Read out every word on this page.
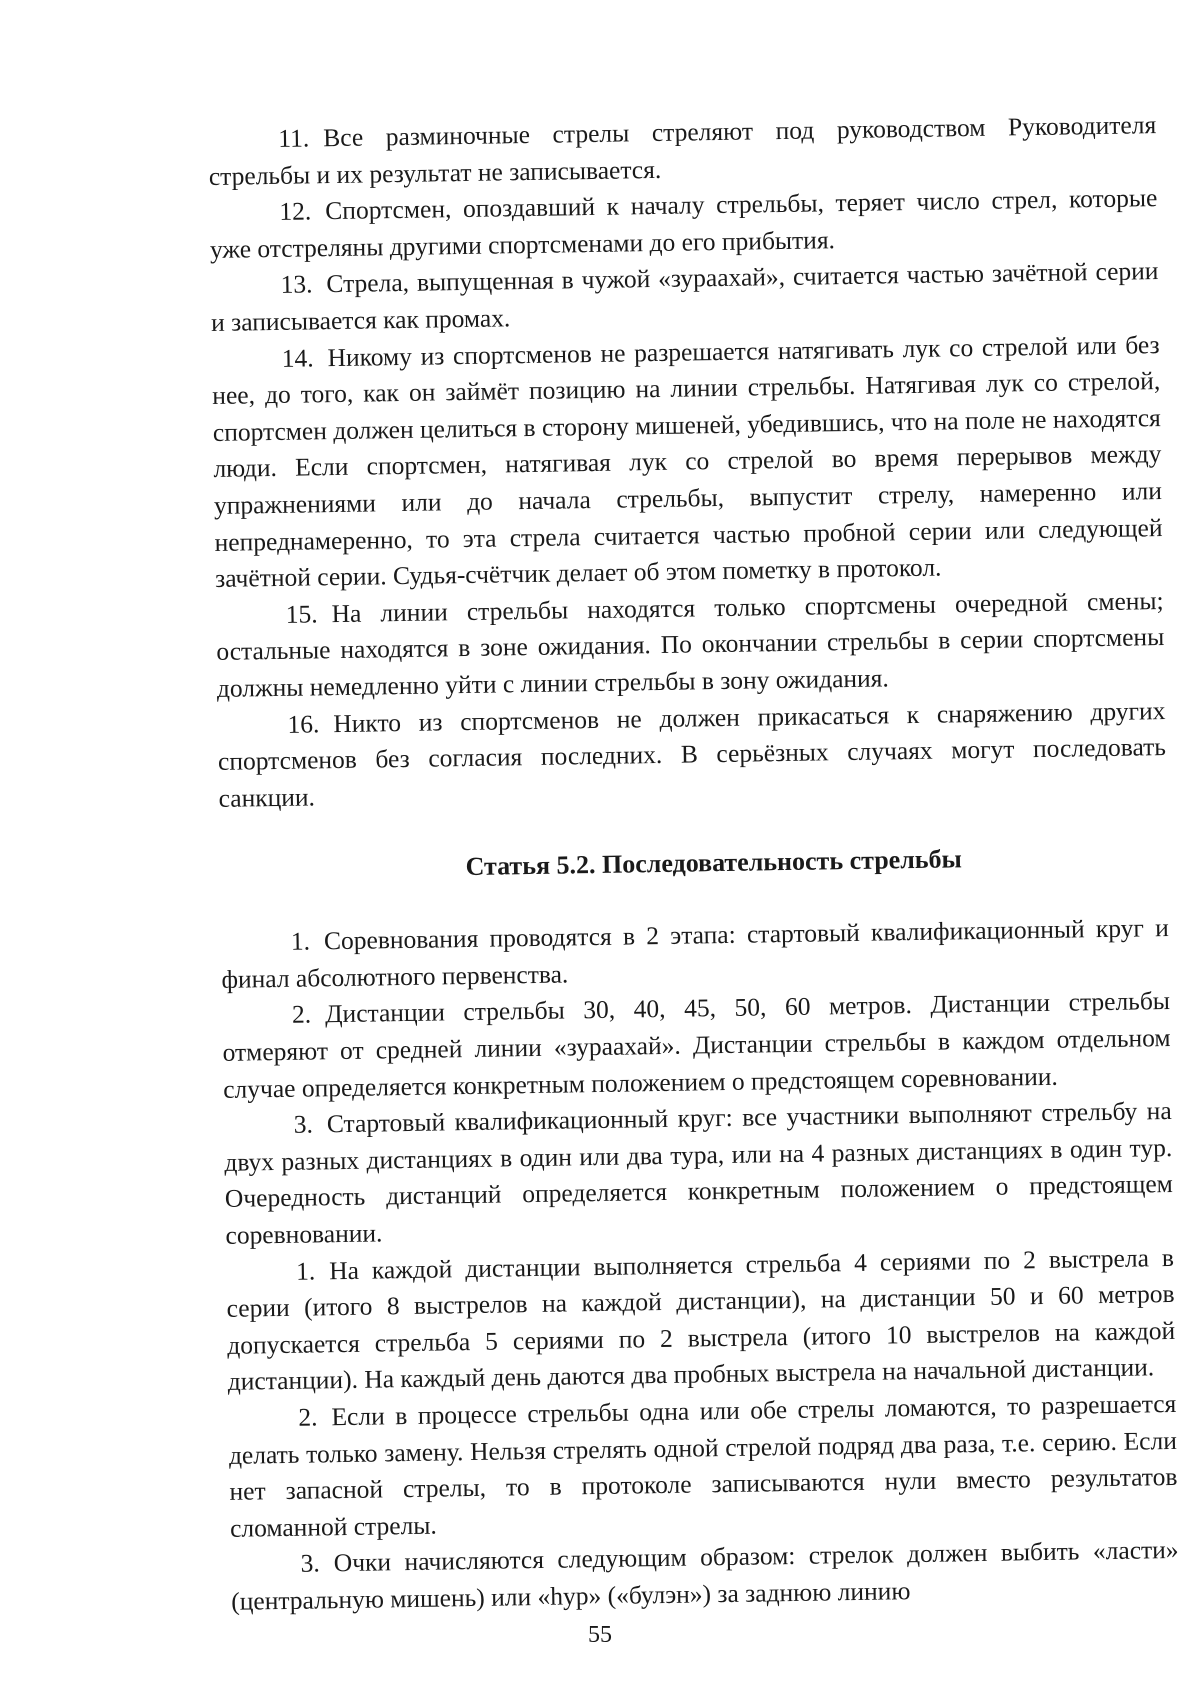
11. Все разминочные стрелы стреляют под руководством Руководителя стрельбы и их результат не записывается.

12. Спортсмен, опоздавший к началу стрельбы, теряет число стрел, которые уже отстреляны другими спортсменами до его прибытия.

13. Стрела, выпущенная в чужой «зураахай», считается частью зачётной серии и записывается как промах.

14. Никому из спортсменов не разрешается натягивать лук со стрелой или без нее, до того, как он займёт позицию на линии стрельбы. Натягивая лук со стрелой, спортсмен должен целиться в сторону мишеней, убедившись, что на поле не находятся люди. Если спортсмен, натягивая лук со стрелой во время перерывов между упражнениями или до начала стрельбы, выпустит стрелу, намеренно или непреднамеренно, то эта стрела считается частью пробной серии или следующей зачётной серии. Судья-счётчик делает об этом пометку в протокол.

15. На линии стрельбы находятся только спортсмены очередной смены; остальные находятся в зоне ожидания. По окончании стрельбы в серии спортсмены должны немедленно уйти с линии стрельбы в зону ожидания.

16. Никто из спортсменов не должен прикасаться к снаряжению других спортсменов без согласия последних. В серьёзных случаях могут последовать санкции.

Статья 5.2. Последовательность стрельбы

1. Соревнования проводятся в 2 этапа: стартовый квалификационный круг и финал абсолютного первенства.

2. Дистанции стрельбы 30, 40, 45, 50, 60 метров. Дистанции стрельбы отмеряют от средней линии «зураахай». Дистанции стрельбы в каждом отдельном случае определяется конкретным положением о предстоящем соревновании.

3. Стартовый квалификационный круг: все участники выполняют стрельбу на двух разных дистанциях в один или два тура, или на 4 разных дистанциях в один тур. Очередность дистанций определяется конкретным положением о предстоящем соревновании.

1. На каждой дистанции выполняется стрельба 4 сериями по 2 выстрела в серии (итого 8 выстрелов на каждой дистанции), на дистанции 50 и 60 метров допускается стрельба 5 сериями по 2 выстрела (итого 10 выстрелов на каждой дистанции). На каждый день даются два пробных выстрела на начальной дистанции.

2. Если в процессе стрельбы одна или обе стрелы ломаются, то разрешается делать только замену. Нельзя стрелять одной стрелой подряд два раза, т.е. серию. Если нет запасной стрелы, то в протоколе записываются нули вместо результатов сломанной стрелы.

3. Очки начисляются следующим образом: стрелок должен выбить «ласти» (центральную мишень) или «һур» («булэн») за заднюю линию

55
